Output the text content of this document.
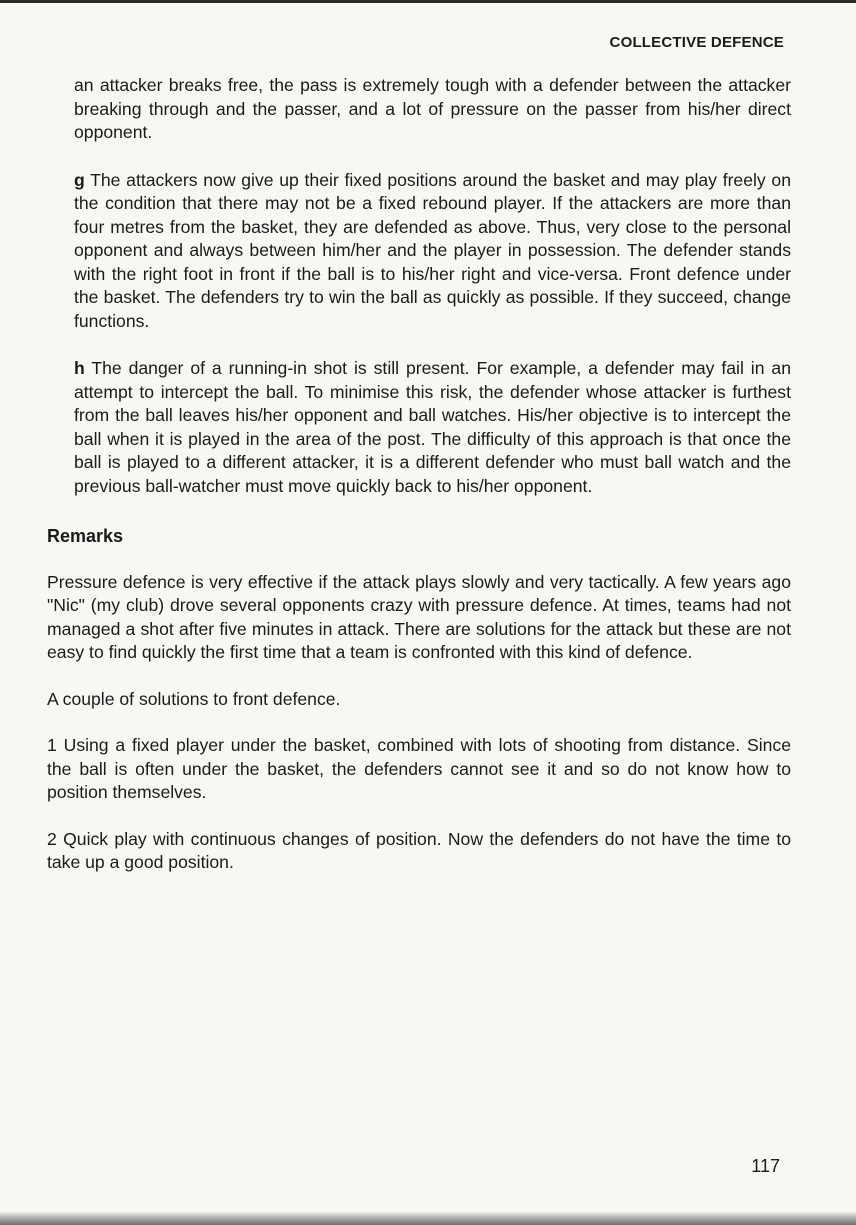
COLLECTIVE DEFENCE

an attacker breaks free, the pass is extremely tough with a defender between the attacker breaking through and the passer, and a lot of pressure on the passer from his/her direct opponent.

g The attackers now give up their fixed positions around the basket and may play freely on the condition that there may not be a fixed rebound player. If the attackers are more than four metres from the basket, they are defended as above. Thus, very close to the personal opponent and always between him/her and the player in possession. The defender stands with the right foot in front if the ball is to his/her right and vice-versa. Front defence under the basket. The defenders try to win the ball as quickly as possible. If they succeed, change functions.

h The danger of a running-in shot is still present. For example, a defender may fail in an attempt to intercept the ball. To minimise this risk, the defender whose attacker is furthest from the ball leaves his/her opponent and ball watches. His/her objective is to intercept the ball when it is played in the area of the post. The difficulty of this approach is that once the ball is played to a different attacker, it is a different defender who must ball watch and the previous ball-watcher must move quickly back to his/her opponent.

Remarks

Pressure defence is very effective if the attack plays slowly and very tactically. A few years ago "Nic" (my club) drove several opponents crazy with pressure defence. At times, teams had not managed a shot after five minutes in attack. There are solutions for the attack but these are not easy to find quickly the first time that a team is confronted with this kind of defence.

A couple of solutions to front defence.

1 Using a fixed player under the basket, combined with lots of shooting from distance. Since the ball is often under the basket, the defenders cannot see it and so do not know how to position themselves.

2 Quick play with continuous changes of position. Now the defenders do not have the time to take up a good position.

117
